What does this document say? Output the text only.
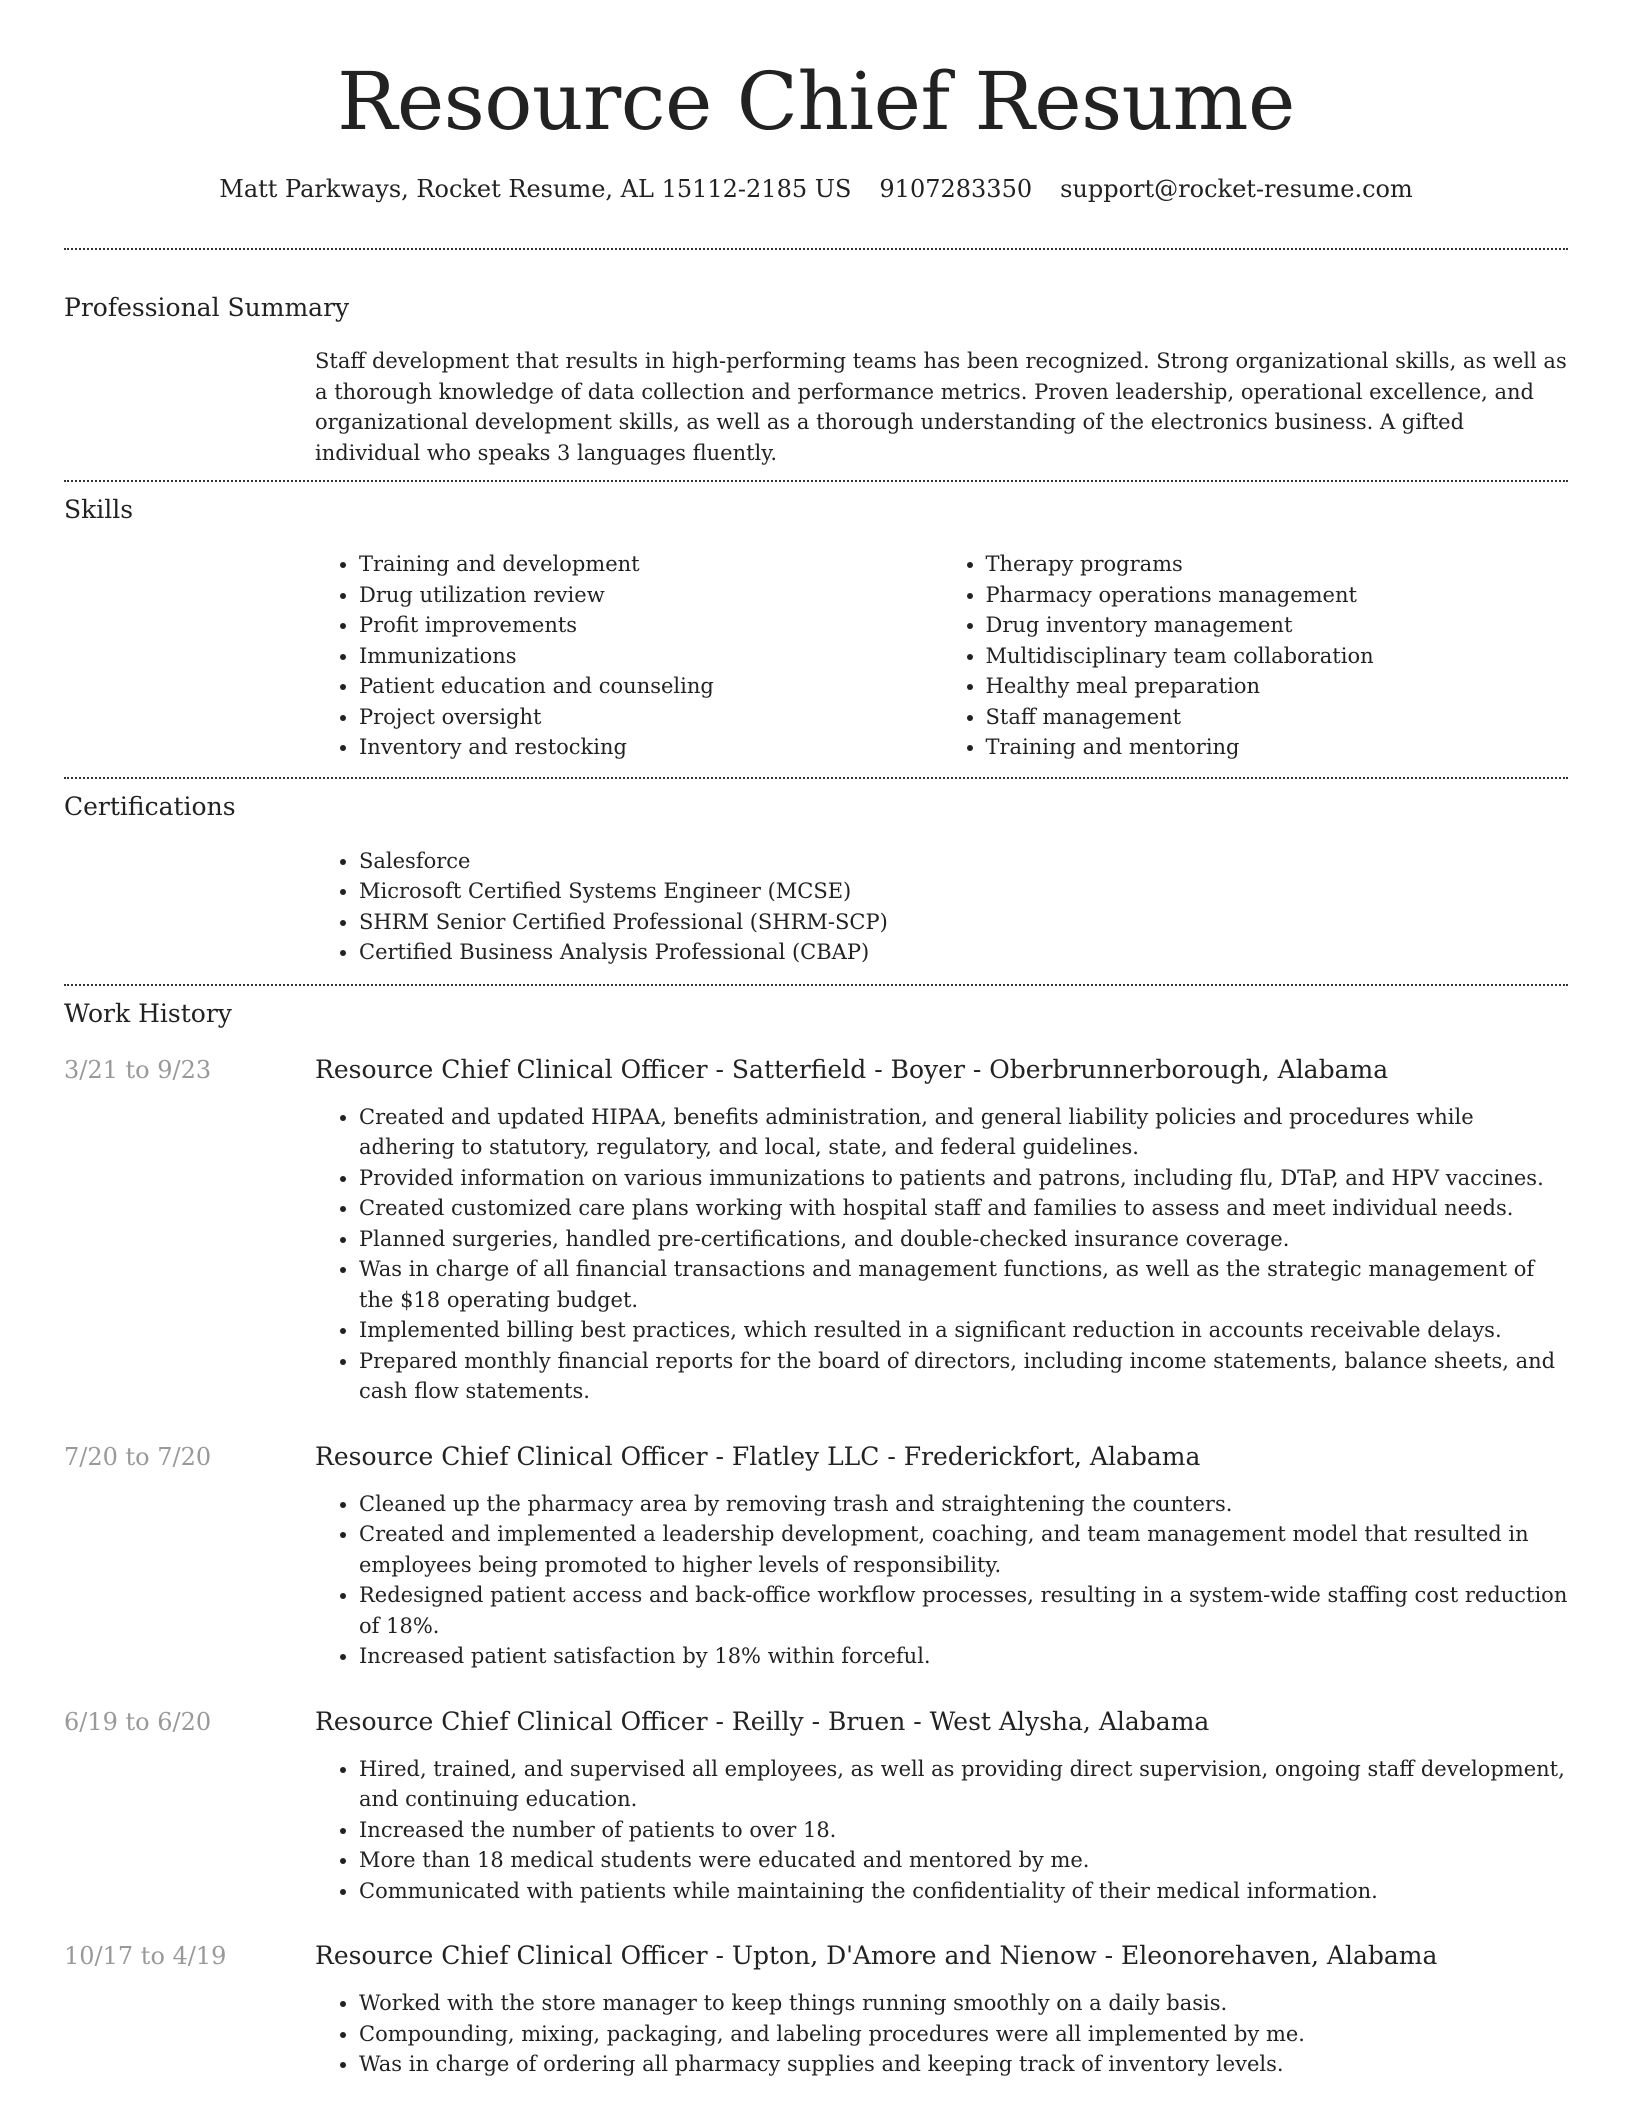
Resource Chief Resume
Matt Parkways, Rocket Resume, AL 15112-2185 US 9107283350 support@rocket-resume.com
Professional Summary
Staff development that results in high-performing teams has been recognized. Strong organizational skills, as well as a thorough knowledge of data collection and performance metrics. Proven leadership, operational excellence, and organizational development skills, as well as a thorough understanding of the electronics business. A gifted individual who speaks 3 languages fluently.
Skills
• Training and development
• Drug utilization review
• Profit improvements
• Immunizations
• Patient education and counseling
• Project oversight
• Inventory and restocking
• Therapy programs
• Pharmacy operations management
• Drug inventory management
• Multidisciplinary team collaboration
• Healthy meal preparation
• Staff management
• Training and mentoring
Certifications
• Salesforce
• Microsoft Certified Systems Engineer (MCSE)
• SHRM Senior Certified Professional (SHRM-SCP)
• Certified Business Analysis Professional (CBAP)
Work History
3/21 to 9/23	Resource Chief Clinical Officer - Satterfield - Boyer - Oberbrunnerborough, Alabama
• Created and updated HIPAA, benefits administration, and general liability policies and procedures while adhering to statutory, regulatory, and local, state, and federal guidelines.
• Provided information on various immunizations to patients and patrons, including flu, DTaP, and HPV vaccines.
• Created customized care plans working with hospital staff and families to assess and meet individual needs.
• Planned surgeries, handled pre-certifications, and double-checked insurance coverage.
• Was in charge of all financial transactions and management functions, as well as the strategic management of the $18 operating budget.
• Implemented billing best practices, which resulted in a significant reduction in accounts receivable delays.
• Prepared monthly financial reports for the board of directors, including income statements, balance sheets, and cash flow statements.
7/20 to 7/20	Resource Chief Clinical Officer - Flatley LLC - Frederickfort, Alabama
• Cleaned up the pharmacy area by removing trash and straightening the counters.
• Created and implemented a leadership development, coaching, and team management model that resulted in employees being promoted to higher levels of responsibility.
• Redesigned patient access and back-office workflow processes, resulting in a system-wide staffing cost reduction of 18%.
• Increased patient satisfaction by 18% within forceful.
6/19 to 6/20	Resource Chief Clinical Officer - Reilly - Bruen - West Alysha, Alabama
• Hired, trained, and supervised all employees, as well as providing direct supervision, ongoing staff development, and continuing education.
• Increased the number of patients to over 18.
• More than 18 medical students were educated and mentored by me.
• Communicated with patients while maintaining the confidentiality of their medical information.
10/17 to 4/19	Resource Chief Clinical Officer - Upton, D'Amore and Nienow - Eleonorehaven, Alabama
• Worked with the store manager to keep things running smoothly on a daily basis.
• Compounding, mixing, packaging, and labeling procedures were all implemented by me.
• Was in charge of ordering all pharmacy supplies and keeping track of inventory levels.
